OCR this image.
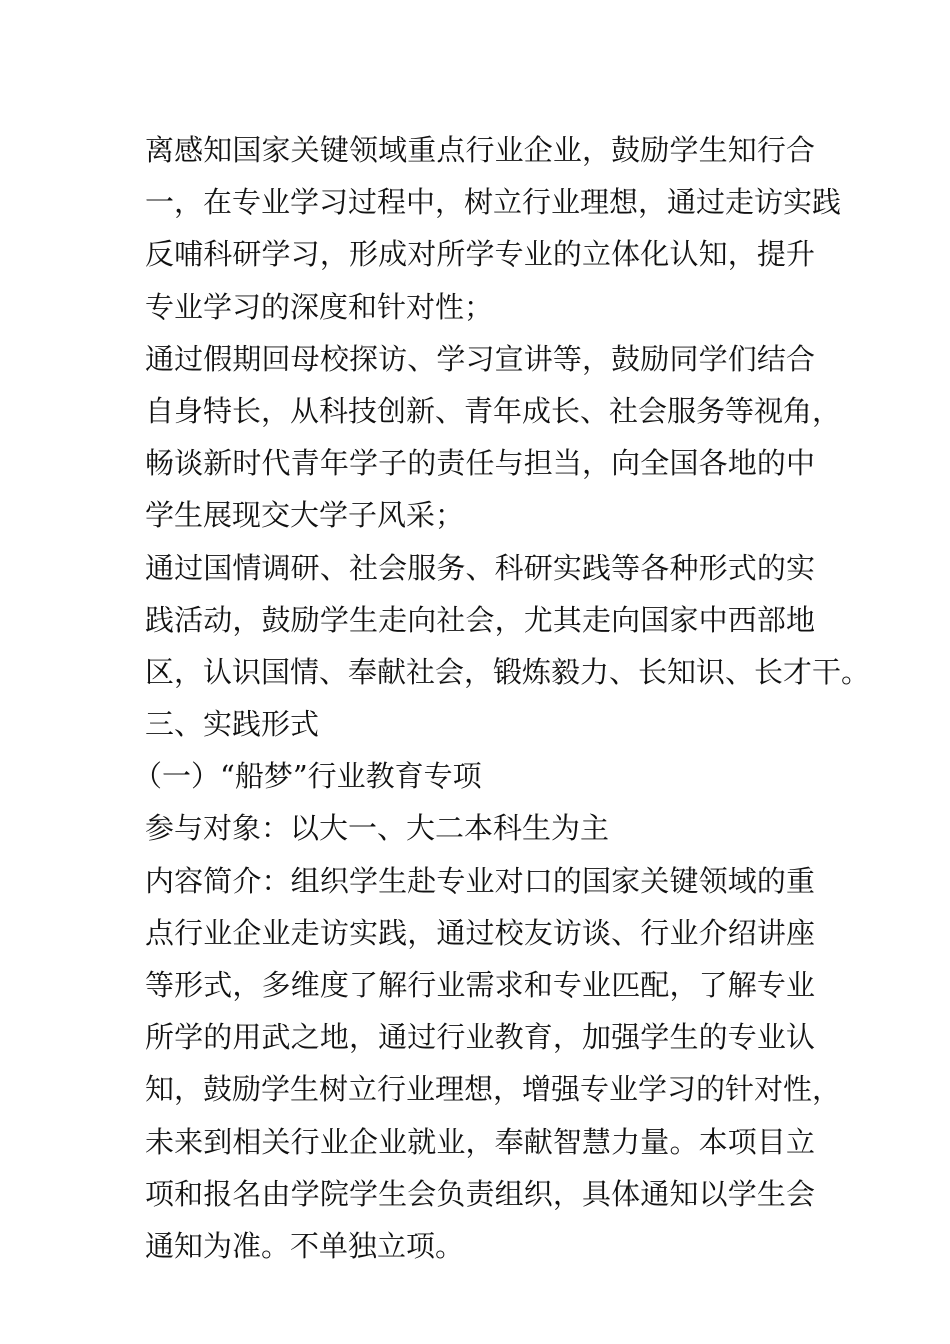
离感知国家关键领域重点行业企业，鼓励学生知行合
一，在专业学习过程中，树立行业理想，通过走访实践
反哺科研学习，形成对所学专业的立体化认知，提升
专业学习的深度和针对性；
通过假期回母校探访、学习宣讲等，鼓励同学们结合
自身特长，从科技创新、青年成长、社会服务等视角，
畅谈新时代青年学子的责任与担当，向全国各地的中
学生展现交大学子风采；
通过国情调研、社会服务、科研实践等各种形式的实
践活动，鼓励学生走向社会，尤其走向国家中西部地
区，认识国情、奉献社会，锻炼毅力、长知识、长才干。
三、实践形式
（一）“船梦”行业教育专项
参与对象：以大一、大二本科生为主
内容简介：组织学生赴专业对口的国家关键领域的重
点行业企业走访实践，通过校友访谈、行业介绍讲座
等形式，多维度了解行业需求和专业匹配，了解专业
所学的用武之地，通过行业教育，加强学生的专业认
知，鼓励学生树立行业理想，增强专业学习的针对性，
未来到相关行业企业就业，奉献智慧力量。本项目立
项和报名由学院学生会负责组织，具体通知以学生会
通知为准。不单独立项。
